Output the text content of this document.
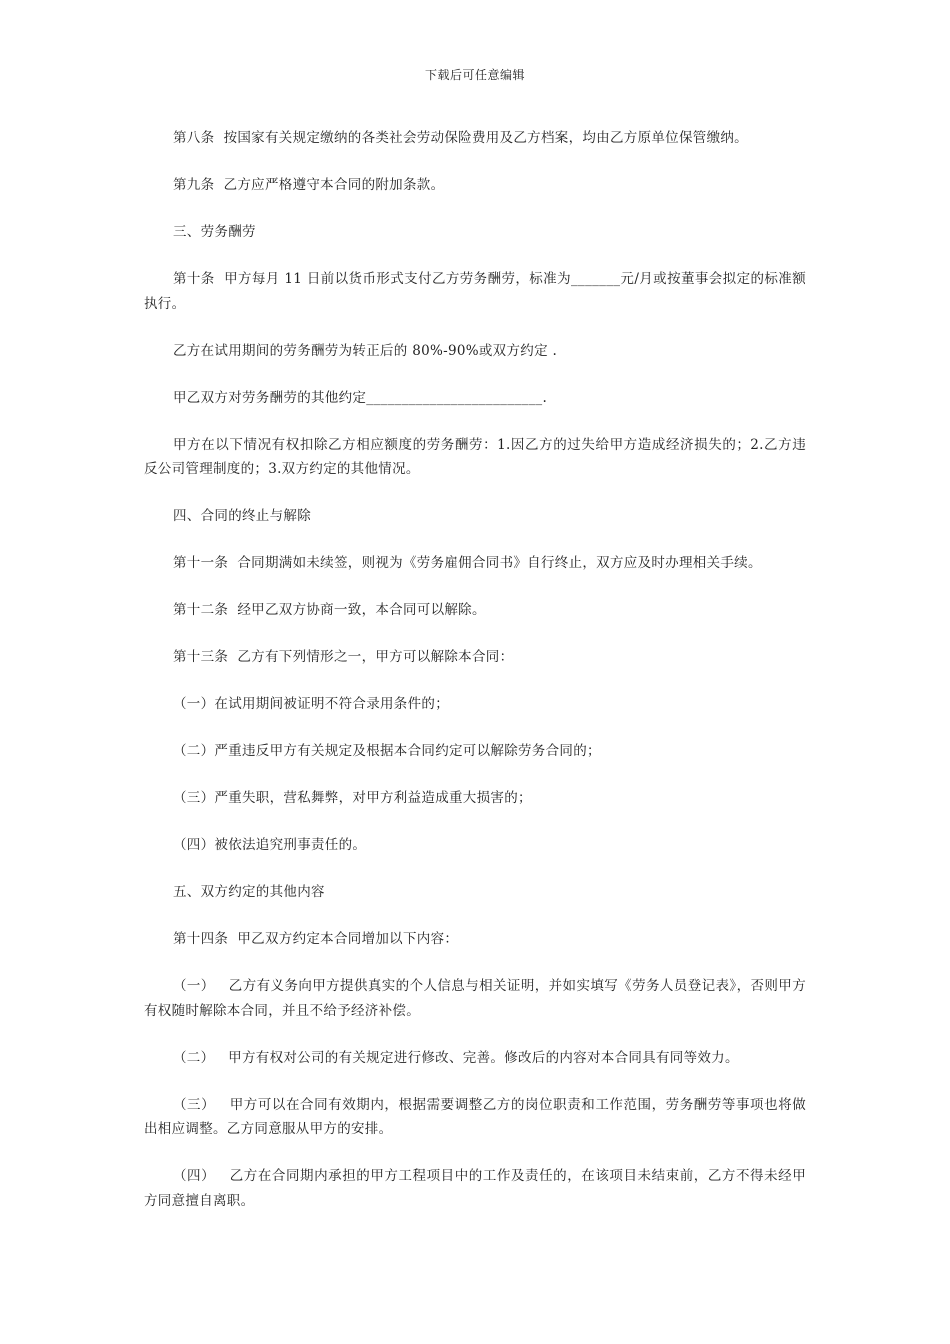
下载后可任意编辑

第八条  按国家有关规定缴纳的各类社会劳动保险费用及乙方档案，均由乙方原单位保管缴纳。

第九条  乙方应严格遵守本合同的附加条款。

三、劳务酬劳

第十条  甲方每月 11 日前以货币形式支付乙方劳务酬劳，标准为_______元/月或按董事会拟定的标准额执行。

乙方在试用期间的劳务酬劳为转正后的 80%-90%或双方约定 .

甲乙双方对劳务酬劳的其他约定_________________________.

甲方在以下情况有权扣除乙方相应额度的劳务酬劳：1.因乙方的过失给甲方造成经济损失的；2.乙方违反公司管理制度的；3.双方约定的其他情况。

四、合同的终止与解除

第十一条  合同期满如未续签，则视为《劳务雇佣合同书》自行终止，双方应及时办理相关手续。

第十二条  经甲乙双方协商一致，本合同可以解除。

第十三条  乙方有下列情形之一，甲方可以解除本合同：

（一）在试用期间被证明不符合录用条件的；

（二）严重违反甲方有关规定及根据本合同约定可以解除劳务合同的；

（三）严重失职，营私舞弊，对甲方利益造成重大损害的；

（四）被依法追究刑事责任的。

五、双方约定的其他内容

第十四条  甲乙双方约定本合同增加以下内容：

（一）   乙方有义务向甲方提供真实的个人信息与相关证明，并如实填写《劳务人员登记表》，否则甲方有权随时解除本合同，并且不给予经济补偿。

（二）   甲方有权对公司的有关规定进行修改、完善。修改后的内容对本合同具有同等效力。

（三）   甲方可以在合同有效期内，根据需要调整乙方的岗位职责和工作范围，劳务酬劳等事项也将做出相应调整。乙方同意服从甲方的安排。

（四）   乙方在合同期内承担的甲方工程项目中的工作及责任的，在该项目未结束前，乙方不得未经甲方同意擅自离职。
